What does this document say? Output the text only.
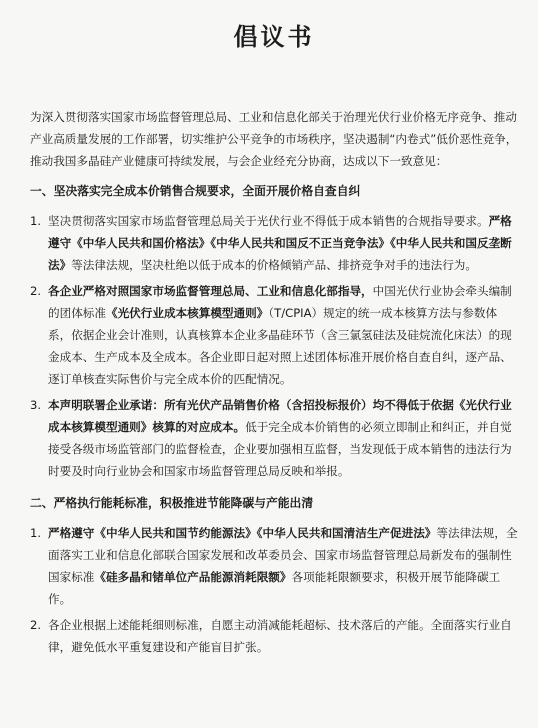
倡议书

为深入贯彻落实国家市场监督管理总局、工业和信息化部关于治理光伏行业价格无序竞争、推动产业高质量发展的工作部署，切实维护公平竞争的市场秩序，坚决遏制“内卷式”低价恶性竞争，推动我国多晶硅产业健康可持续发展，与会企业经充分协商，达成以下一致意见：

一、坚决落实完全成本价销售合规要求，全面开展价格自查自纠
1. 坚决贯彻落实国家市场监督管理总局关于光伏行业不得低于成本销售的合规指导要求。严格遵守《中华人民共和国价格法》《中华人民共和国反不正当竞争法》《中华人民共和国反垄断法》等法律法规，坚决杜绝以低于成本的价格倾销产品、排挤竞争对手的违法行为。
2. 各企业严格对照国家市场监督管理总局、工业和信息化部指导，中国光伏行业协会牵头编制的团体标准《光伏行业成本核算模型通则》（T/CPIA）规定的统一成本核算方法与参数体系，依据企业会计准则，认真核算本企业多晶硅环节（含三氯氢硅法及硅烷流化床法）的现金成本、生产成本及全成本。各企业即日起对照上述团体标准开展价格自查自纠，逐产品、逐订单核查实际售价与完全成本价的匹配情况。
3. 本声明联署企业承诺：所有光伏产品销售价格（含招投标报价）均不得低于依据《光伏行业成本核算模型通则》核算的对应成本。低于完全成本价销售的必须立即制止和纠正，并自觉接受各级市场监管部门的监督检查，企业要加强相互监督，当发现低于成本销售的违法行为时要及时向行业协会和国家市场监督管理总局反映和举报。
二、严格执行能耗标准，积极推进节能降碳与产能出清
1. 严格遵守《中华人民共和国节约能源法》《中华人民共和国清洁生产促进法》等法律法规，全面落实工业和信息化部联合国家发展和改革委员会、国家市场监督管理总局新发布的强制性国家标准《硅多晶和锗单位产品能源消耗限额》各项能耗限额要求，积极开展节能降碳工作。
2. 各企业根据上述能耗细则标准，自愿主动消减能耗超标、技术落后的产能。全面落实行业自律，避免低水平重复建设和产能盲目扩张。
